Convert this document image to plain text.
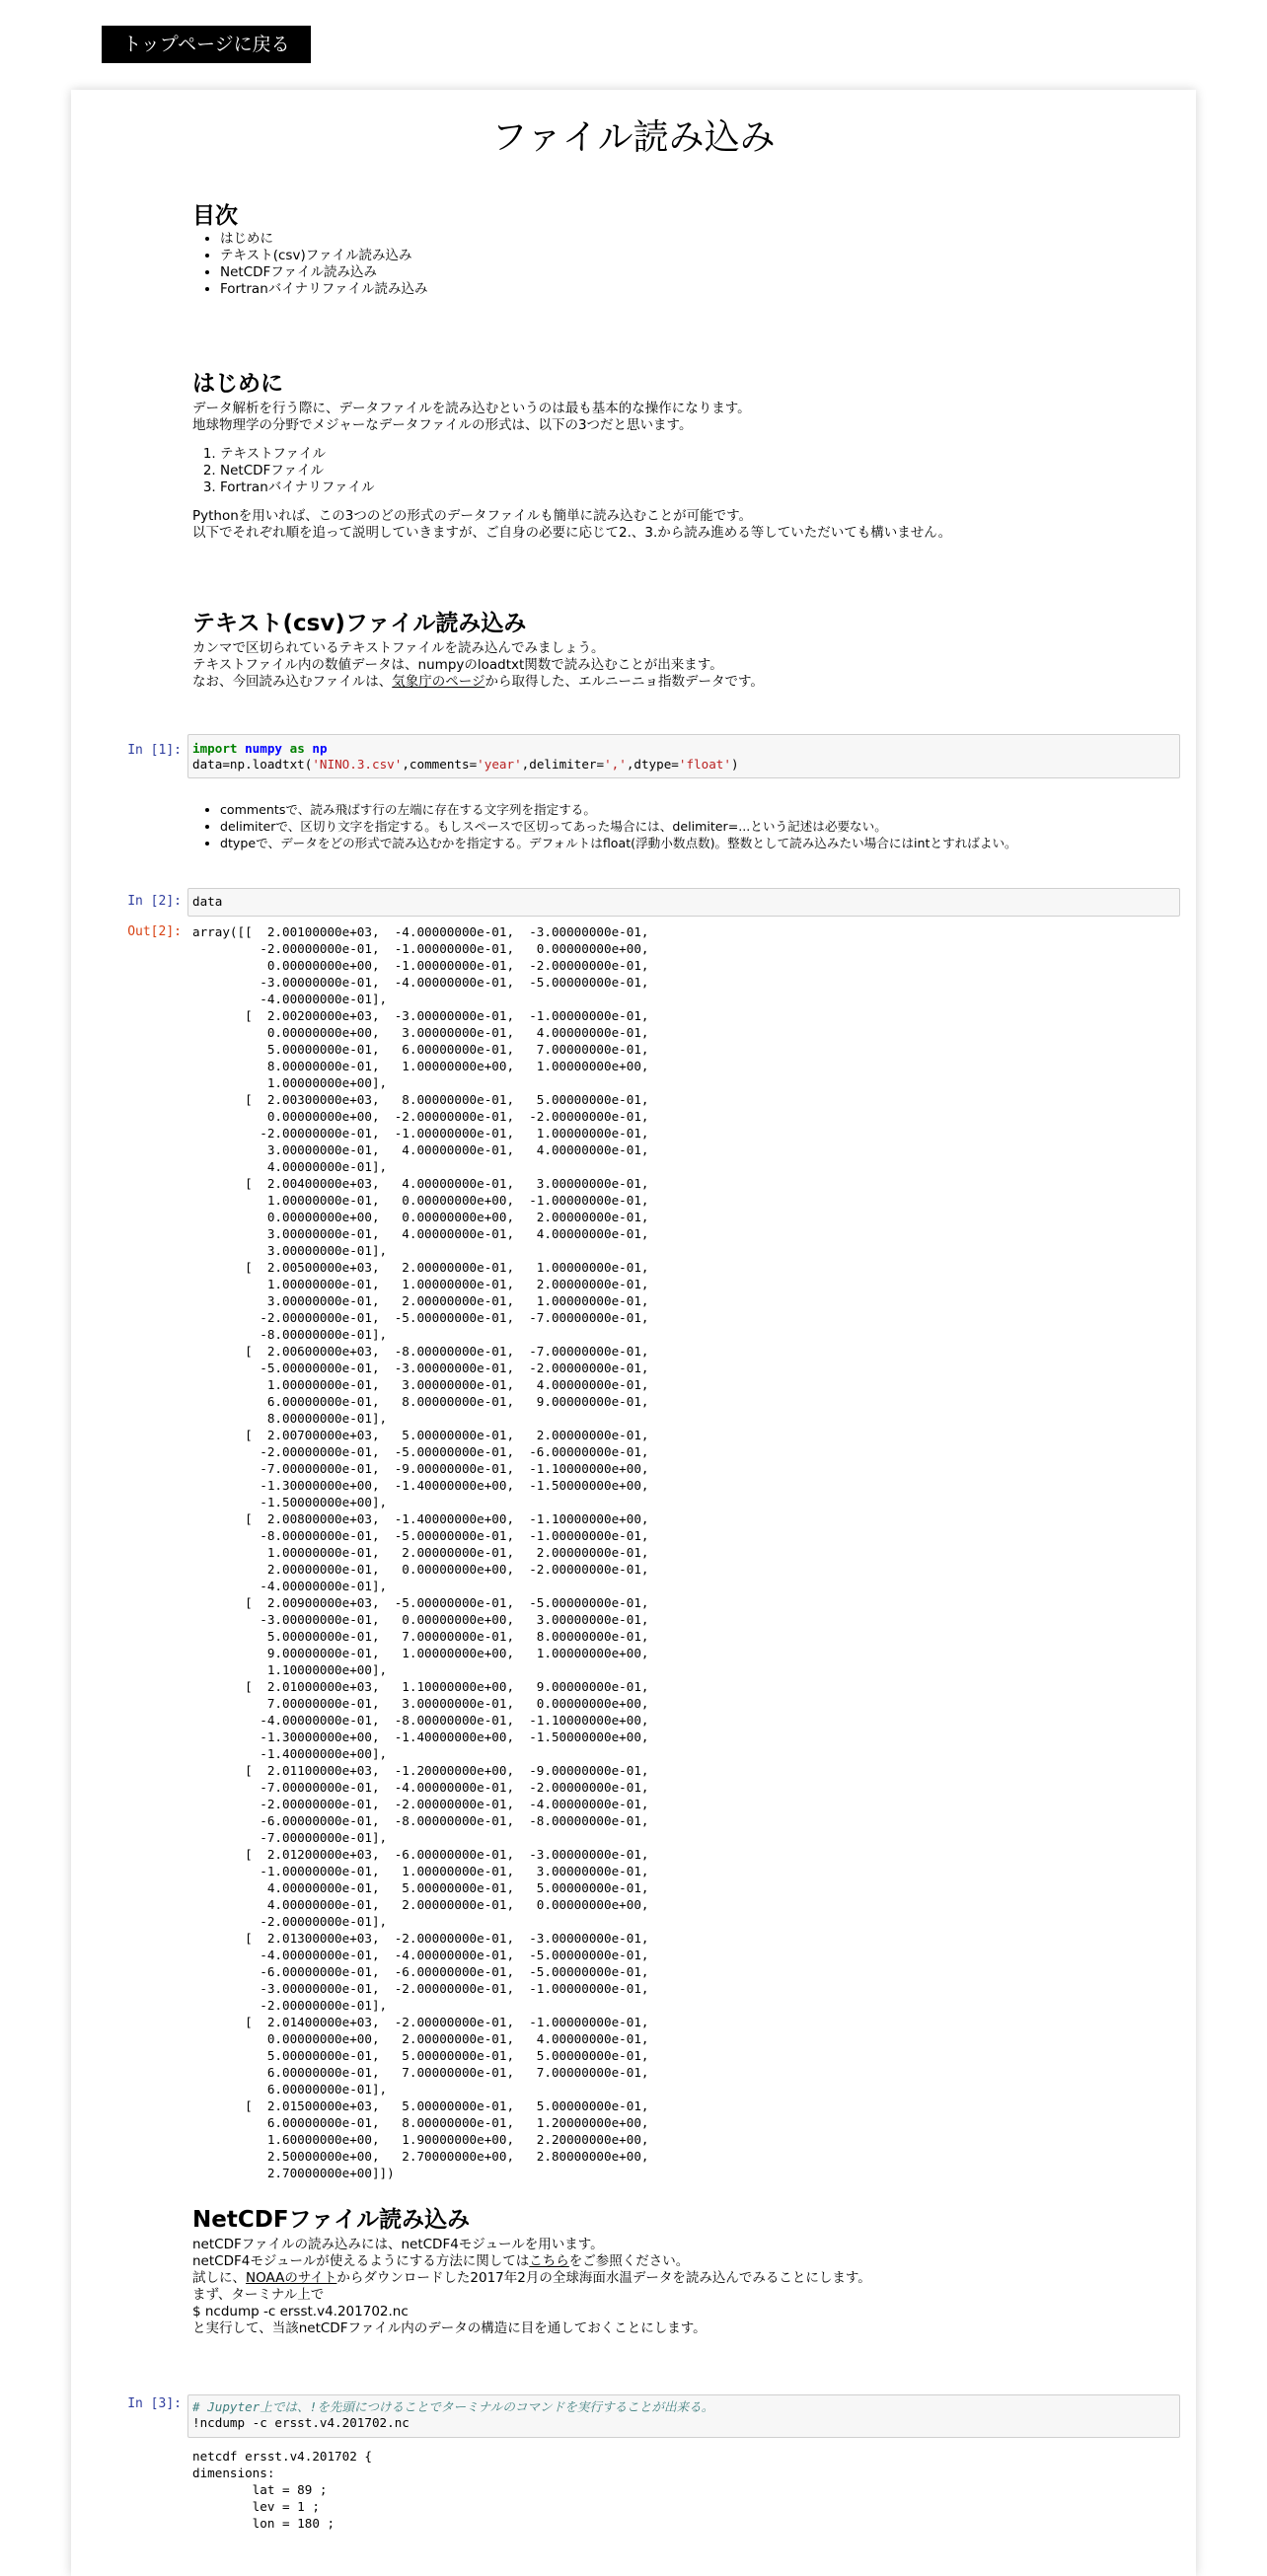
トップページに戻る
ファイル読み込み
目次
• はじめに
• テキスト(csv)ファイル読み込み
• NetCDFファイル読み込み
• Fortranバイナリファイル読み込み
はじめに

データ解析を行う際に、データファイルを読み込むというのは最も基本的な操作になります。

地球物理学の分野でメジャーなデータファイルの形式は、以下の3つだと思います。

1. テキストファイル
2. NetCDFファイル
3. Fortranバイナリファイル

Pythonを用いれば、この3つのどの形式のデータファイルも簡単に読み込むことが可能です。

以下でそれぞれ順を追って説明していきますが、ご自身の必要に応じて2.、3.から読み進める等していただいても構いません。

テキスト(csv)ファイル読み込み

カンマで区切られているテキストファイルを読み込んでみましょう。

テキストファイル内の数値データは、numpyのloadtxt関数で読み込むことが出来ます。

なお、今回読み込むファイルは、気象庁のページから取得した、エルニーニョ指数データです。

In [1]: import numpy as np
data=np.loadtxt('NINO.3.csv',comments='year',delimiter=',',dtype='float')
• commentsで、読み飛ばす行の左端に存在する文字列を指定する。
• delimiterで、区切り文字を指定する。もしスペースで区切ってあった場合には、delimiter=...という記述は必要ない。
• dtypeで、データをどの形式で読み込むかを指定する。デフォルトはfloat(浮動小数点数)。整数として読み込みたい場合にはintとすればよい。
In [2]: data
Out[2]: array([[  2.00100000e+03,  -4.00000000e-01,  -3.00000000e-01,
-2.00000000e-01,  -1.00000000e-01,   0.00000000e+00,
0.00000000e+00,  -1.00000000e-01,  -2.00000000e-01,
-3.00000000e-01,  -4.00000000e-01,  -5.00000000e-01,
-4.00000000e-01],
[  2.00200000e+03,  -3.00000000e-01,  -1.00000000e-01,
0.00000000e+00,   3.00000000e-01,   4.00000000e-01,
5.00000000e-01,   6.00000000e-01,   7.00000000e-01,
8.00000000e-01,   1.00000000e+00,   1.00000000e+00,
1.00000000e+00],
[  2.00300000e+03,   8.00000000e-01,   5.00000000e-01,
0.00000000e+00,  -2.00000000e-01,  -2.00000000e-01,
-2.00000000e-01,  -1.00000000e-01,   1.00000000e-01,
3.00000000e-01,   4.00000000e-01,   4.00000000e-01,
4.00000000e-01],
[  2.00400000e+03,   4.00000000e-01,   3.00000000e-01,
1.00000000e-01,   0.00000000e+00,  -1.00000000e-01,
0.00000000e+00,   0.00000000e+00,   2.00000000e-01,
3.00000000e-01,   4.00000000e-01,   4.00000000e-01,
3.00000000e-01],
[  2.00500000e+03,   2.00000000e-01,   1.00000000e-01,
1.00000000e-01,   1.00000000e-01,   2.00000000e-01,
3.00000000e-01,   2.00000000e-01,   1.00000000e-01,
-2.00000000e-01,  -5.00000000e-01,  -7.00000000e-01,
-8.00000000e-01],
[  2.00600000e+03,  -8.00000000e-01,  -7.00000000e-01,
-5.00000000e-01,  -3.00000000e-01,  -2.00000000e-01,
1.00000000e-01,   3.00000000e-01,   4.00000000e-01,
6.00000000e-01,   8.00000000e-01,   9.00000000e-01,
8.00000000e-01],
[  2.00700000e+03,   5.00000000e-01,   2.00000000e-01,
-2.00000000e-01,  -5.00000000e-01,  -6.00000000e-01,
-7.00000000e-01,  -9.00000000e-01,  -1.10000000e+00,
-1.30000000e+00,  -1.40000000e+00,  -1.50000000e+00,
-1.50000000e+00],
[  2.00800000e+03,  -1.40000000e+00,  -1.10000000e+00,
-8.00000000e-01,  -5.00000000e-01,  -1.00000000e-01,
1.00000000e-01,   2.00000000e-01,   2.00000000e-01,
2.00000000e-01,   0.00000000e+00,  -2.00000000e-01,
-4.00000000e-01],
[  2.00900000e+03,  -5.00000000e-01,  -5.00000000e-01,
-3.00000000e-01,   0.00000000e+00,   3.00000000e-01,
5.00000000e-01,   7.00000000e-01,   8.00000000e-01,
9.00000000e-01,   1.00000000e+00,   1.00000000e+00,
1.10000000e+00],
[  2.01000000e+03,   1.10000000e+00,   9.00000000e-01,
7.00000000e-01,   3.00000000e-01,   0.00000000e+00,
-4.00000000e-01,  -8.00000000e-01,  -1.10000000e+00,
-1.30000000e+00,  -1.40000000e+00,  -1.50000000e+00,
-1.40000000e+00],
[  2.01100000e+03,  -1.20000000e+00,  -9.00000000e-01,
-7.00000000e-01,  -4.00000000e-01,  -2.00000000e-01,
-2.00000000e-01,  -2.00000000e-01,  -4.00000000e-01,
-6.00000000e-01,  -8.00000000e-01,  -8.00000000e-01,
-7.00000000e-01],
[  2.01200000e+03,  -6.00000000e-01,  -3.00000000e-01,
-1.00000000e-01,   1.00000000e-01,   3.00000000e-01,
4.00000000e-01,   5.00000000e-01,   5.00000000e-01,
4.00000000e-01,   2.00000000e-01,   0.00000000e+00,
-2.00000000e-01],
[  2.01300000e+03,  -2.00000000e-01,  -3.00000000e-01,
-4.00000000e-01,  -4.00000000e-01,  -5.00000000e-01,
-6.00000000e-01,  -6.00000000e-01,  -5.00000000e-01,
-3.00000000e-01,  -2.00000000e-01,  -1.00000000e-01,
-2.00000000e-01],
[  2.01400000e+03,  -2.00000000e-01,  -1.00000000e-01,
0.00000000e+00,   2.00000000e-01,   4.00000000e-01,
5.00000000e-01,   5.00000000e-01,   5.00000000e-01,
6.00000000e-01,   7.00000000e-01,   7.00000000e-01,
6.00000000e-01],
[  2.01500000e+03,   5.00000000e-01,   5.00000000e-01,
6.00000000e-01,   8.00000000e-01,   1.20000000e+00,
1.60000000e+00,   1.90000000e+00,   2.20000000e+00,
2.50000000e+00,   2.70000000e+00,   2.80000000e+00,
2.70000000e+00]])
NetCDFファイル読み込み

netCDFファイルの読み込みには、netCDF4モジュールを用います。

netCDF4モジュールが使えるようにする方法に関してはこちらをご参照ください。

試しに、NOAAのサイトからダウンロードした2017年2月の全球海面水温データを読み込んでみることにします。

まず、ターミナル上で

$ ncdump -c ersst.v4.201702.nc

と実行して、当該netCDFファイル内のデータの構造に目を通しておくことにします。

In [3]: # Jupyter上では、!を先頭につけることでターミナルのコマンドを実行することが出来る。
!ncdump -c ersst.v4.201702.nc
netcdf ersst.v4.201702 {
dimensions:
lat = 89 ;
lev = 1 ;
lon = 180 ;
